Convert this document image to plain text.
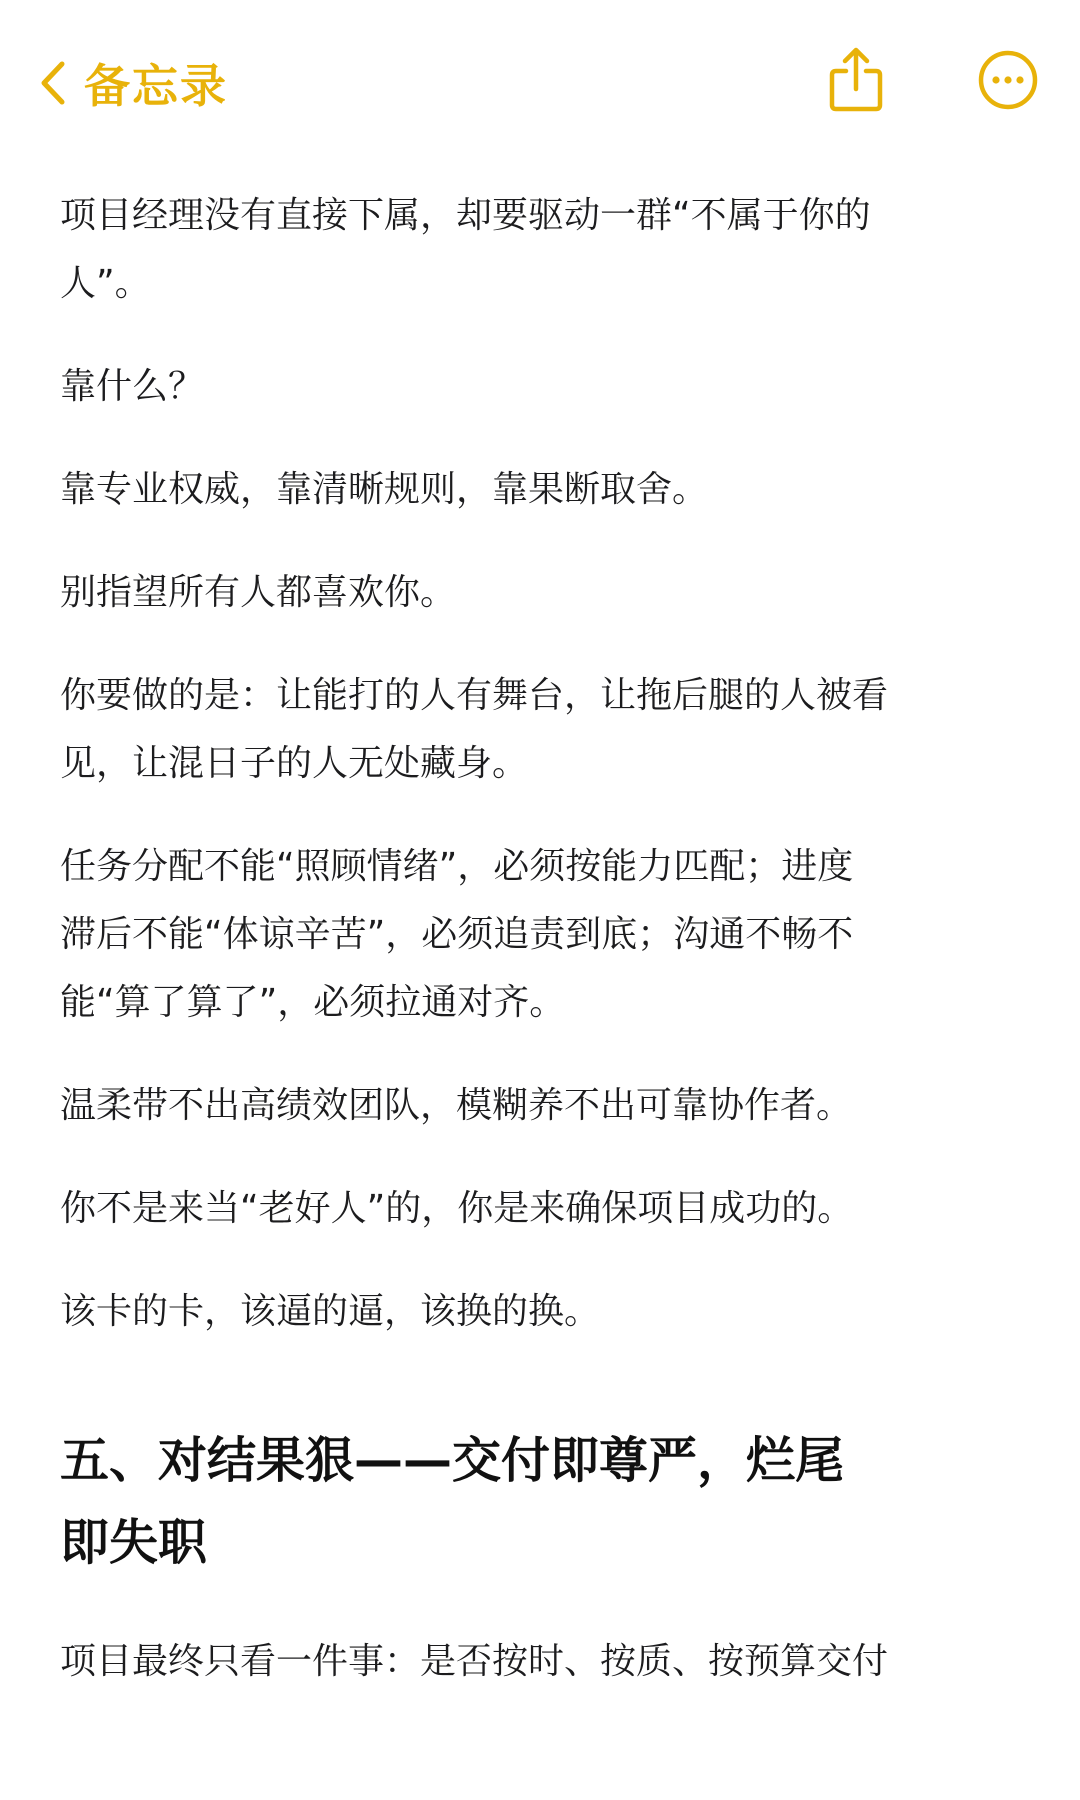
备忘录

项目经理没有直接下属，却要驱动一群“不属于你的
人”。

靠什么？

靠专业权威，靠清晰规则，靠果断取舍。

别指望所有人都喜欢你。

你要做的是：让能打的人有舞台，让拖后腿的人被看
见，让混日子的人无处藏身。

任务分配不能“照顾情绪”，必须按能力匹配；进度
滞后不能“体谅辛苦”，必须追责到底；沟通不畅不
能“算了算了”，必须拉通对齐。

温柔带不出高绩效团队，模糊养不出可靠协作者。

你不是来当“老好人”的，你是来确保项目成功的。

该卡的卡，该逼的逼，该换的换。

五、对结果狠——交付即尊严，烂尾
即失职

项目最终只看一件事：是否按时、按质、按预算交付
